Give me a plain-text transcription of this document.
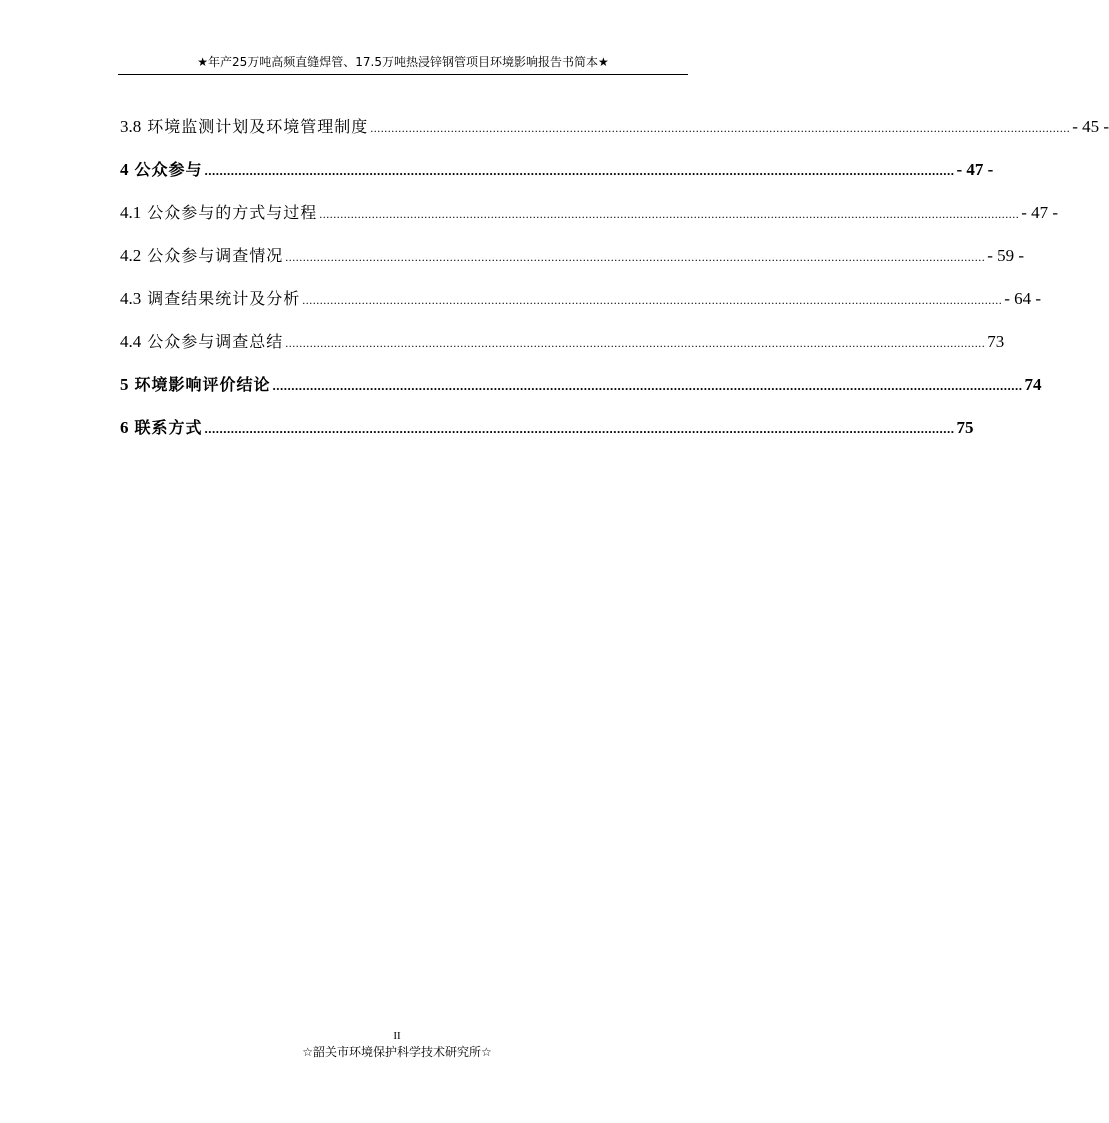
★年产25万吨高频直缝焊管、17.5万吨热浸锌钢管项目环境影响报告书简本★
3.8 环境监测计划及环境管理制度 ........................................................................................................................................................................................................ - 45 -
4 公众参与 ........................................................................................................................................................................................................ - 47 -
4.1 公众参与的方式与过程 ........................................................................................................................................................................................................ - 47 -
4.2 公众参与调查情况 ........................................................................................................................................................................................................ - 59 -
4.3 调查结果统计及分析 ........................................................................................................................................................................................................ - 64 -
4.4 公众参与调查总结 ........................................................................................................................................................................................................ 73
5 环境影响评价结论 ........................................................................................................................................................................................................ 74
6 联系方式 ........................................................................................................................................................................................................ 75
II
☆韶关市环境保护科学技术研究所☆
